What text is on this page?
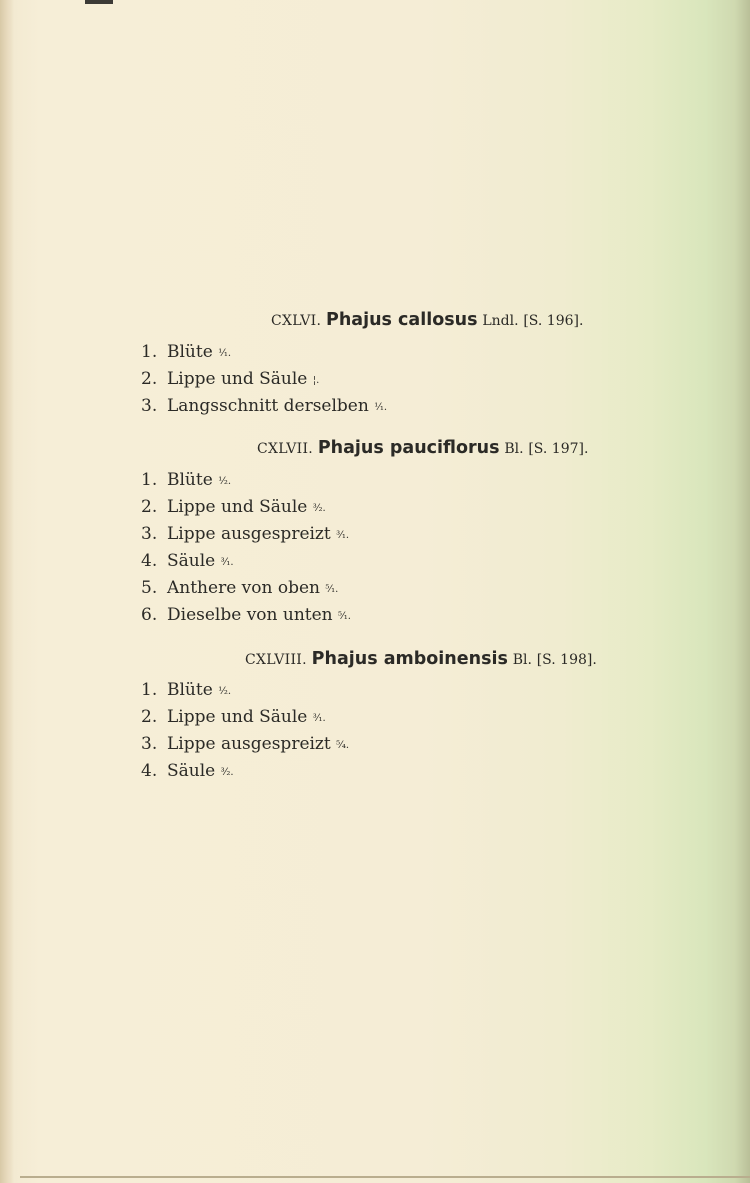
CXLVI. Phajus callosus Lndl. [S. 196].
1. Blüte ¹⁄₁.
2. Lippe und Säule ¦.
3. Langsschnitt derselben ¹⁄₁.
CXLVII. Phajus pauciflorus Bl. [S. 197].
1. Blüte ¹⁄₂.
2. Lippe und Säule ³⁄₂.
3. Lippe ausgespreizt ³⁄₁.
4. Säule ³⁄₁.
5. Anthere von oben ⁵⁄₁.
6. Dieselbe von unten ⁵⁄₁.
CXLVIII. Phajus amboinensis Bl. [S. 198].
1. Blüte ¹⁄₂.
2. Lippe und Säule ³⁄₁.
3. Lippe ausgespreizt ⁵⁄₄.
4. Säule ³⁄₂.
